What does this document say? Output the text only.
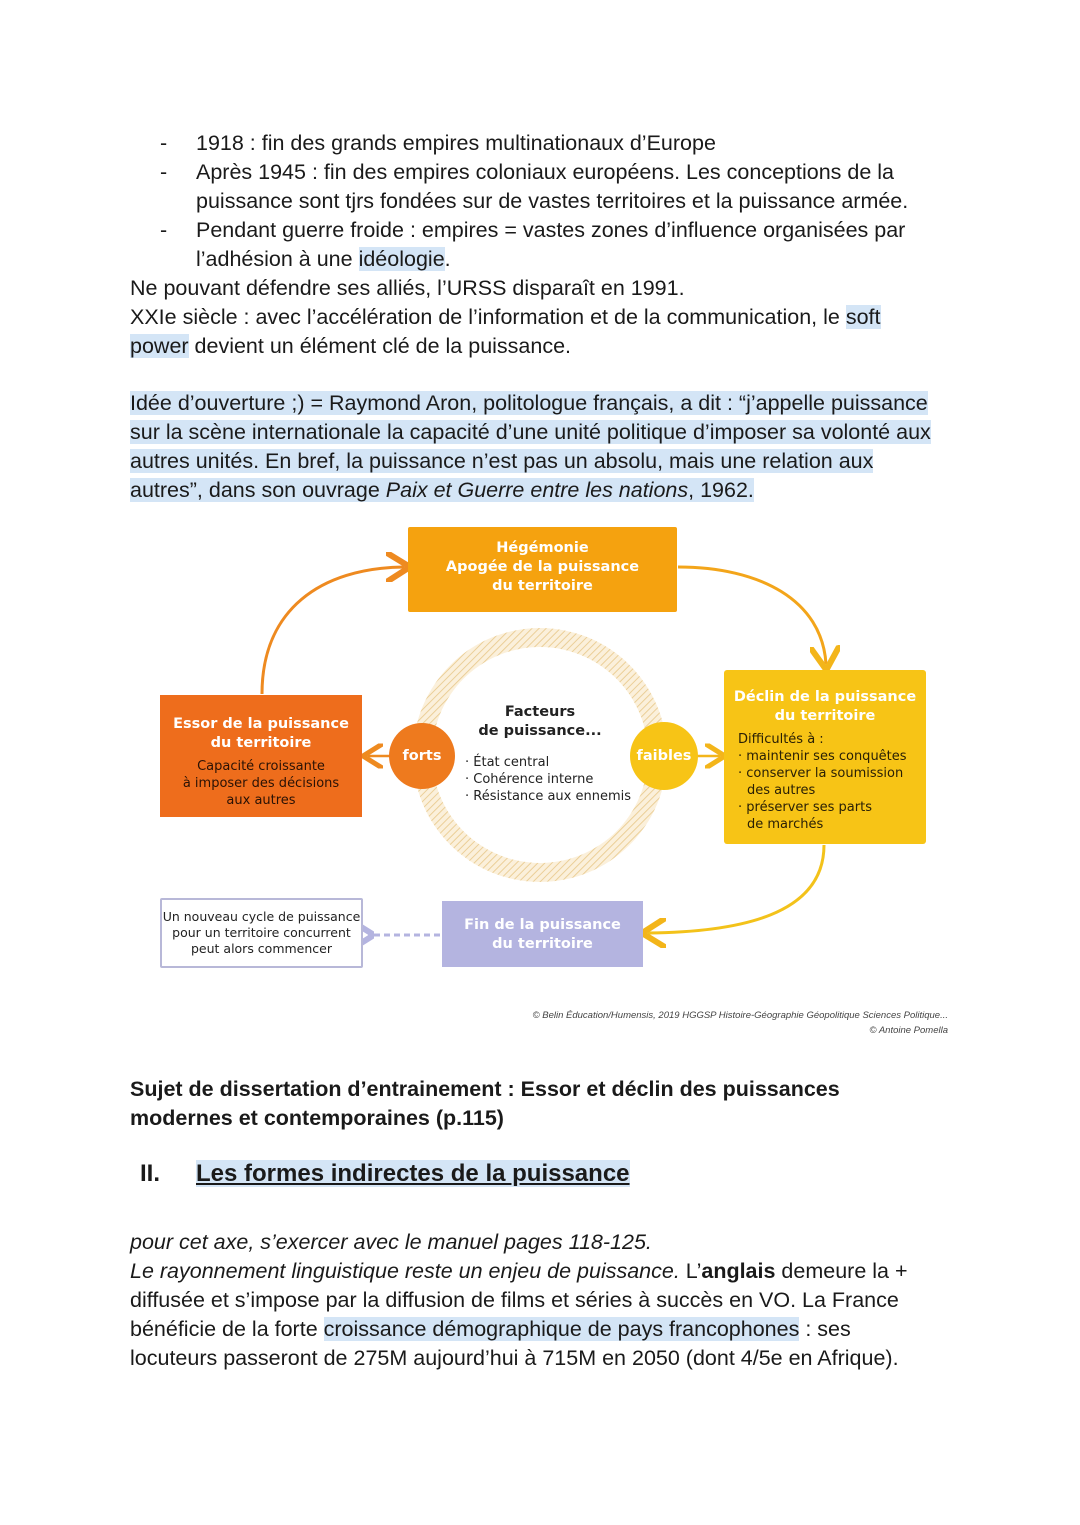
- 1918 : fin des grands empires multinationaux d’Europe
- Après 1945 : fin des empires coloniaux européens. Les conceptions de la
puissance sont tjrs fondées sur de vastes territoires et la puissance armée.
- Pendant guerre froide : empires = vastes zones d’influence organisées par
l’adhésion à une idéologie.
Ne pouvant défendre ses alliés, l’URSS disparaît en 1991.
XXIe siècle : avec l’accélération de l’information et de la communication, le soft
power devient un élément clé de la puissance.
Idée d’ouverture ;) = Raymond Aron, politologue français, a dit : “j’appelle puissance
sur la scène internationale la capacité d’une unité politique d’imposer sa volonté aux
autres unités. En bref, la puissance n’est pas un absolu, mais une relation aux
autres”, dans son ouvrage Paix et Guerre entre les nations, 1962.
Hégémonie
Apogée de la puissance
du territoire
Essor de la puissance
du territoire
Capacité croissante
à imposer des décisions
aux autres
Déclin de la puissance
du territoire
Difficultés à :
· maintenir ses conquêtes
· conserver la soumission
des autres
· préserver ses parts
de marchés
Facteurs
de puissance...
· État central
· Cohérence interne
· Résistance aux ennemis
forts	faibles
Fin de la puissance
du territoire
Un nouveau cycle de puissance
pour un territoire concurrent
peut alors commencer
© Belin Éducation/Humensis, 2019 HGGSP Histoire-Géographie Géopolitique Sciences Politique...
© Antoine Pomella
Sujet de dissertation d’entrainement : Essor et déclin des puissances
modernes et contemporaines (p.115)
II. Les formes indirectes de la puissance
pour cet axe, s’exercer avec le manuel pages 118-125.
Le rayonnement linguistique reste un enjeu de puissance. L’anglais demeure la +
diffusée et s’impose par la diffusion de films et séries à succès en VO. La France
bénéficie de la forte croissance démographique de pays francophones : ses
locuteurs passeront de 275M aujourd’hui à 715M en 2050 (dont 4/5e en Afrique).
